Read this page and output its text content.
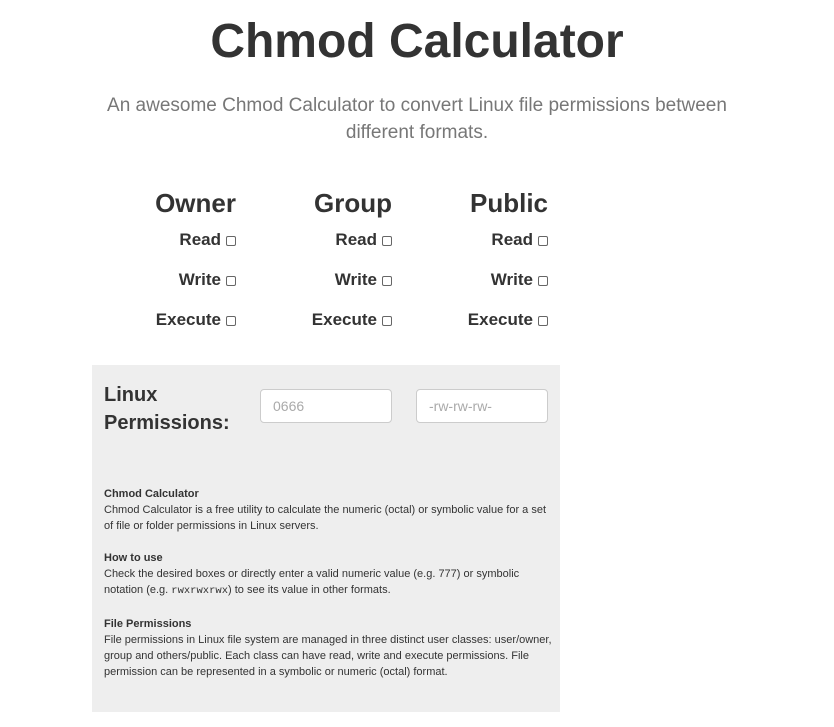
Chmod Calculator

An awesome Chmod Calculator to convert Linux file permissions between different formats.

Owner
Read
Write
Execute
Group
Read
Write
Execute
Public
Read
Write
Execute
Linux Permissions:
0666
-rw-rw-rw-
Chmod Calculator

Chmod Calculator is a free utility to calculate the numeric (octal) or symbolic value for a set of file or folder permissions in Linux servers.

How to use

Check the desired boxes or directly enter a valid numeric value (e.g. 777) or symbolic notation (e.g. rwxrwxrwx) to see its value in other formats.

File Permissions

File permissions in Linux file system are managed in three distinct user classes: user/owner, group and others/public. Each class can have read, write and execute permissions. File permission can be represented in a symbolic or numeric (octal) format.
